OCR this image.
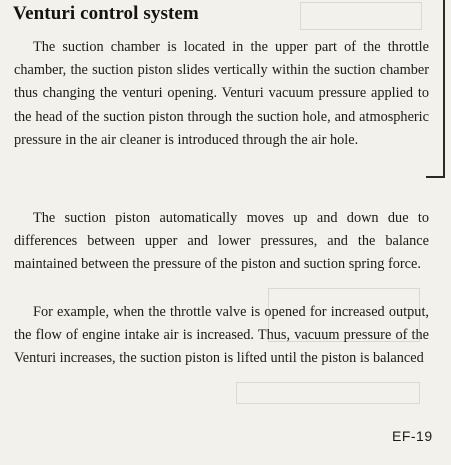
Venturi control system

The suction chamber is located in the upper part of the throttle chamber, the suction piston slides vertically within the suction chamber thus changing the venturi opening. Venturi vacuum pressure applied to the head of the suction piston through the suction hole, and atmospheric pressure in the air cleaner is introduced through the air hole.

The suction piston automatically moves up and down due to differences between upper and lower pressures, and the balance maintained between the pressure of the piston and suction spring force.

For example, when the throttle valve is opened for increased output, the flow of engine intake air is increased. Thus, vacuum pressure of the Venturi increases, the suction piston is lifted until the piston is balanced

EF-19
